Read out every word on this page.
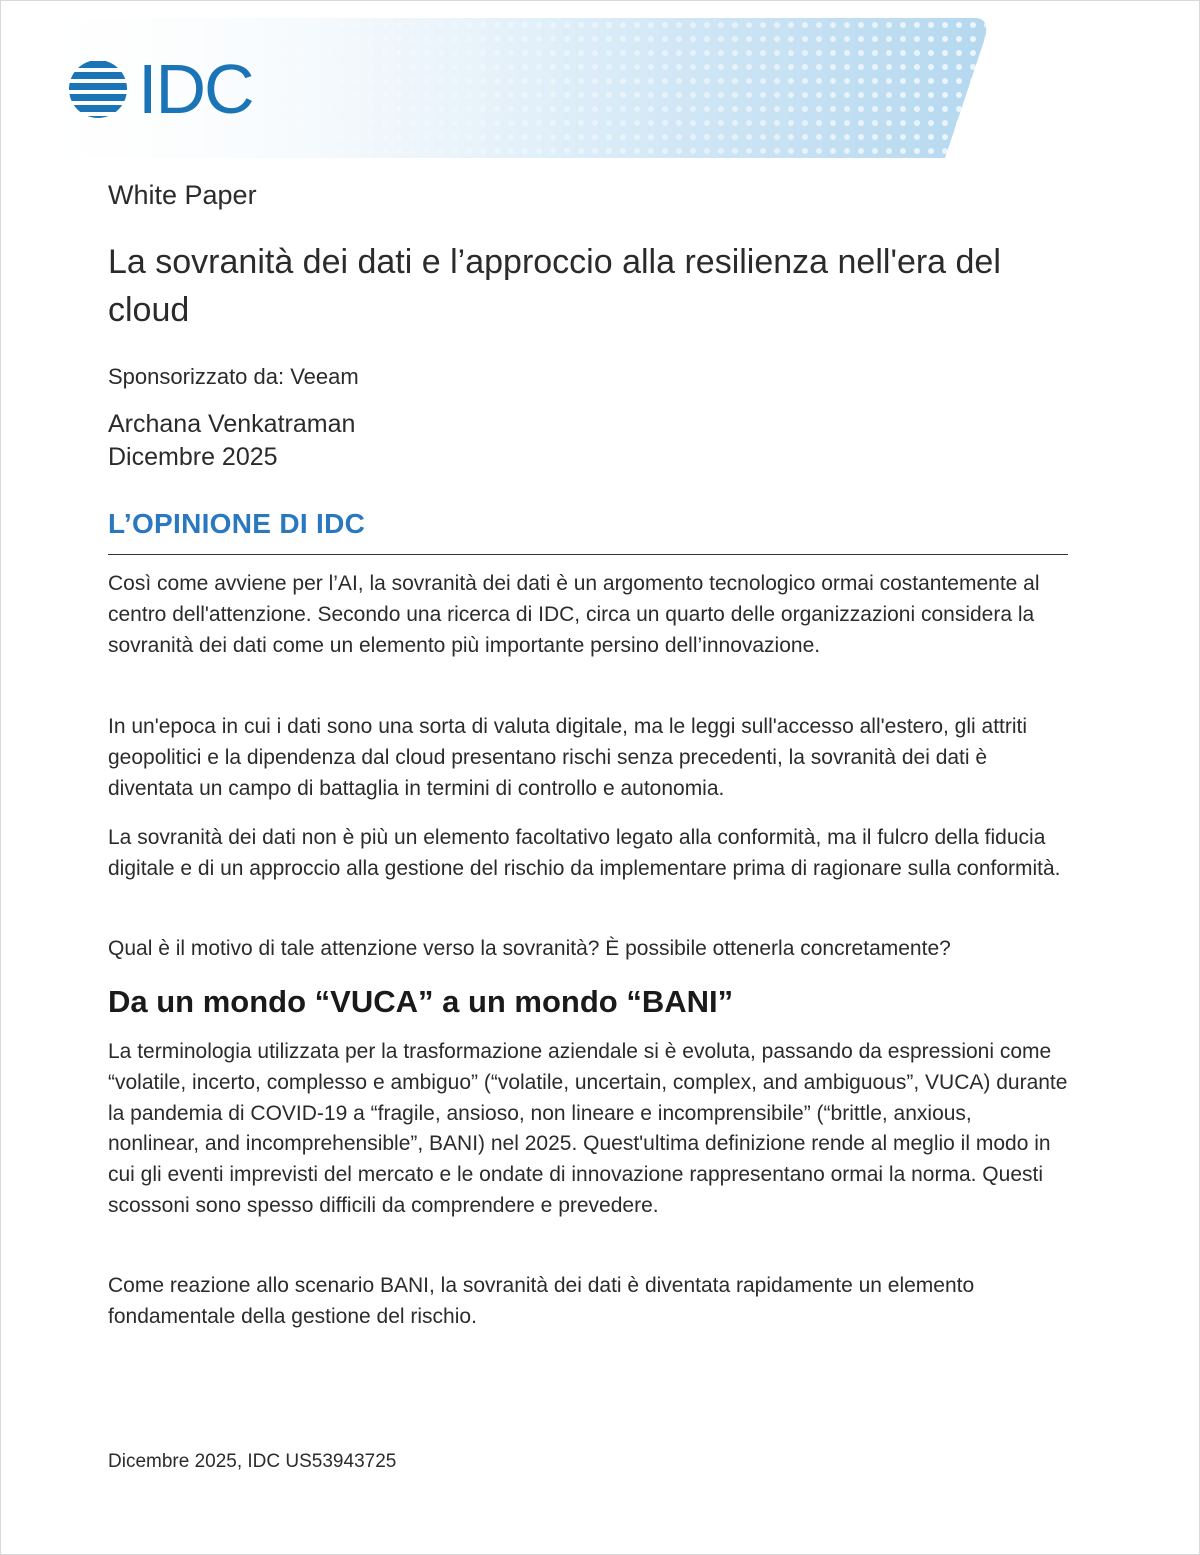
IDC
White Paper
La sovranità dei dati e l’approccio alla resilienza nell'era del cloud
Sponsorizzato da: Veeam
Archana Venkatraman
Dicembre 2025
L’OPINIONE DI IDC

Così come avviene per l’AI, la sovranità dei dati è un argomento tecnologico ormai costantemente al centro dell'attenzione. Secondo una ricerca di IDC, circa un quarto delle organizzazioni considera la sovranità dei dati come un elemento più importante persino dell’innovazione.

In un'epoca in cui i dati sono una sorta di valuta digitale, ma le leggi sull'accesso all'estero, gli attriti geopolitici e la dipendenza dal cloud presentano rischi senza precedenti, la sovranità dei dati è diventata un campo di battaglia in termini di controllo e autonomia.

La sovranità dei dati non è più un elemento facoltativo legato alla conformità, ma il fulcro della fiducia digitale e di un approccio alla gestione del rischio da implementare prima di ragionare sulla conformità.

Qual è il motivo di tale attenzione verso la sovranità? È possibile ottenerla concretamente?

Da un mondo “VUCA” a un mondo “BANI”

La terminologia utilizzata per la trasformazione aziendale si è evoluta, passando da espressioni come “volatile, incerto, complesso e ambiguo” (“volatile, uncertain, complex, and ambiguous”, VUCA) durante la pandemia di COVID-19 a “fragile, ansioso, non lineare e incomprensibile” (“brittle, anxious, nonlinear, and incomprehensible”, BANI) nel 2025. Quest'ultima definizione rende al meglio il modo in cui gli eventi imprevisti del mercato e le ondate di innovazione rappresentano ormai la norma. Questi scossoni sono spesso difficili da comprendere e prevedere.

Come reazione allo scenario BANI, la sovranità dei dati è diventata rapidamente un elemento fondamentale della gestione del rischio.

Dicembre 2025, IDC US53943725
